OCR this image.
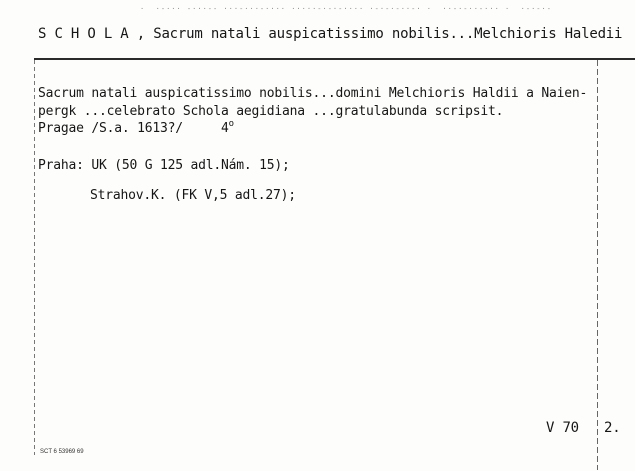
·  ·-··· -···-- ···-···-···· ·····-·-·-···· ·-·-·-··-· ·  ··-·-··-··· ·  ·-·-·-
S C H O L A , Sacrum natali auspicatissimo nobilis...Melchioris Haledii
Sacrum natali auspicatissimo nobilis...domini Melchioris Haldii a Naien-
pergk ...celebrato Schola aegidiana ...gratulabunda scripsit.
Pragae /S.a. 1613?/     4$^o$
Praha: UK (50 G 125 adl.Nám. 15);
Strahov.K. (FK V,5 adl.27);
V 70 2.
SCT 6 53969 69
